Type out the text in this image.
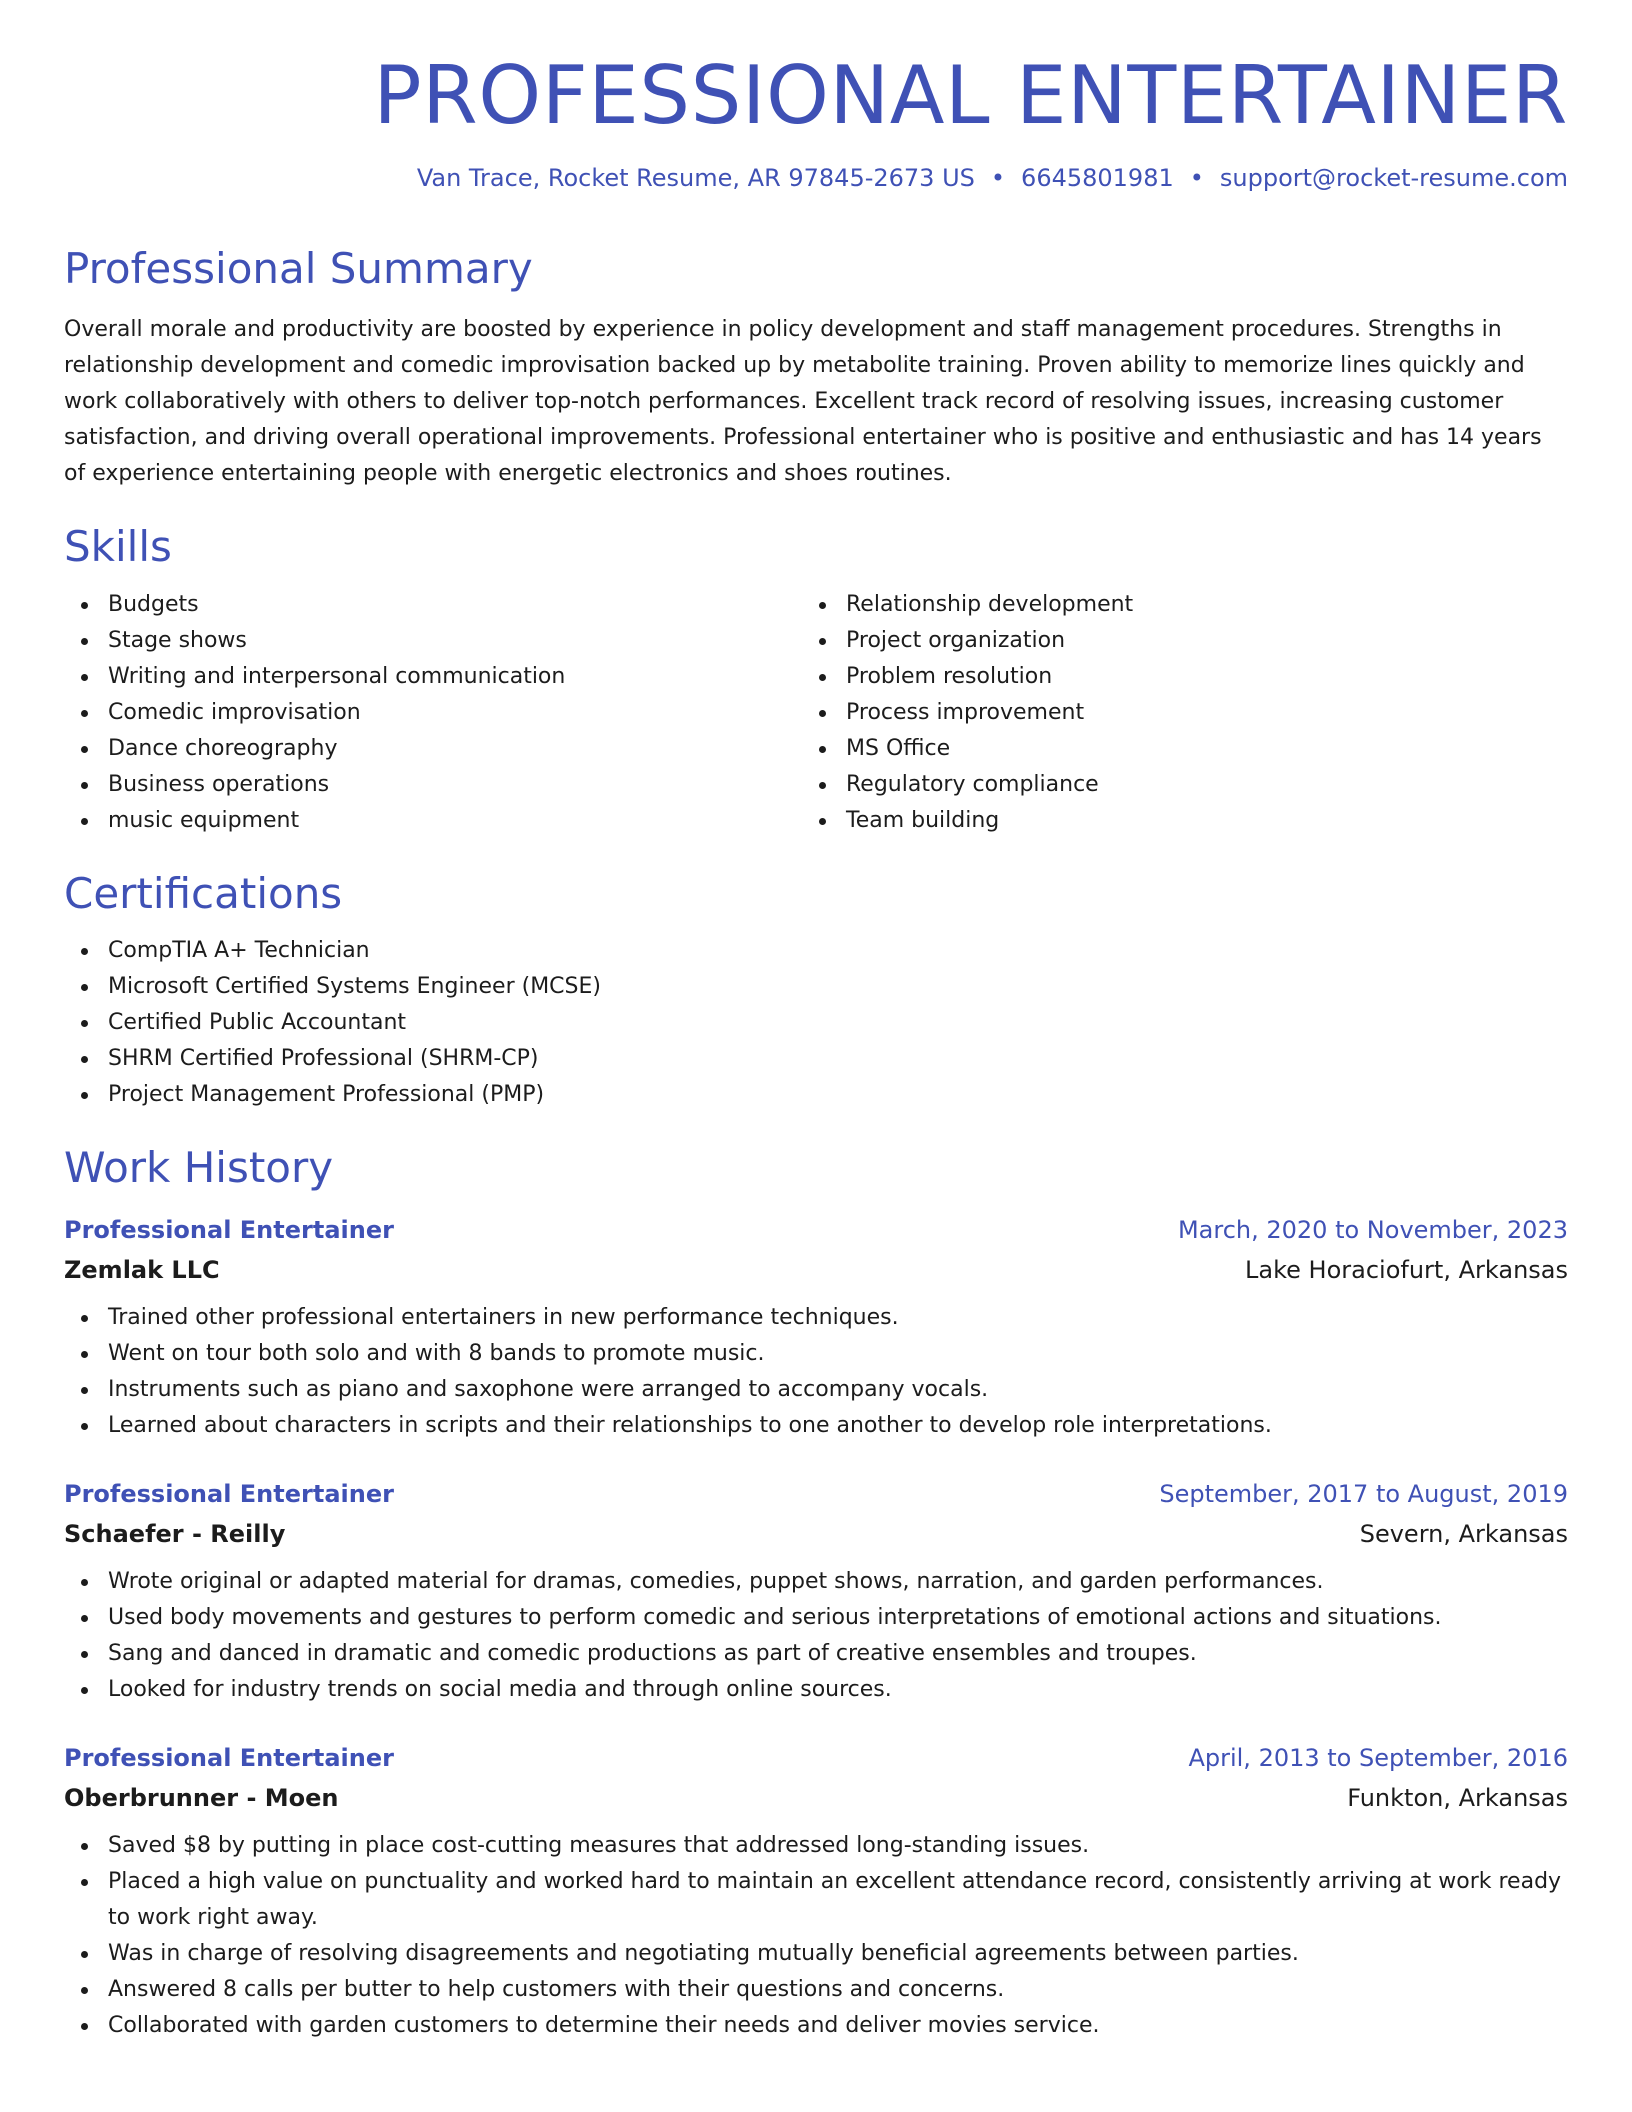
PROFESSIONAL ENTERTAINER
Van Trace, Rocket Resume, AR 97845-2673 US • 6645801981 • support@rocket-resume.com
Professional Summary

Overall morale and productivity are boosted by experience in policy development and staff management procedures. Strengths in relationship development and comedic improvisation backed up by metabolite training. Proven ability to memorize lines quickly and work collaboratively with others to deliver top-notch performances. Excellent track record of resolving issues, increasing customer satisfaction, and driving overall operational improvements. Professional entertainer who is positive and enthusiastic and has 14 years of experience entertaining people with energetic electronics and shoes routines.

Skills
Budgets
Stage shows
Writing and interpersonal communication
Comedic improvisation
Dance choreography
Business operations
music equipment
Relationship development
Project organization
Problem resolution
Process improvement
MS Office
Regulatory compliance
Team building
Certifications
CompTIA A+ Technician
Microsoft Certified Systems Engineer (MCSE)
Certified Public Accountant
SHRM Certified Professional (SHRM-CP)
Project Management Professional (PMP)
Work History
Professional Entertainer	March, 2020 to November, 2023
Zemlak LLC	Lake Horaciofurt, Arkansas
Trained other professional entertainers in new performance techniques.
Went on tour both solo and with 8 bands to promote music.
Instruments such as piano and saxophone were arranged to accompany vocals.
Learned about characters in scripts and their relationships to one another to develop role interpretations.
Professional Entertainer	September, 2017 to August, 2019
Schaefer - Reilly	Severn, Arkansas
Wrote original or adapted material for dramas, comedies, puppet shows, narration, and garden performances.
Used body movements and gestures to perform comedic and serious interpretations of emotional actions and situations.
Sang and danced in dramatic and comedic productions as part of creative ensembles and troupes.
Looked for industry trends on social media and through online sources.
Professional Entertainer	April, 2013 to September, 2016
Oberbrunner - Moen	Funkton, Arkansas
Saved $8 by putting in place cost-cutting measures that addressed long-standing issues.
Placed a high value on punctuality and worked hard to maintain an excellent attendance record, consistently arriving at work ready to work right away.
Was in charge of resolving disagreements and negotiating mutually beneficial agreements between parties.
Answered 8 calls per butter to help customers with their questions and concerns.
Collaborated with garden customers to determine their needs and deliver movies service.
